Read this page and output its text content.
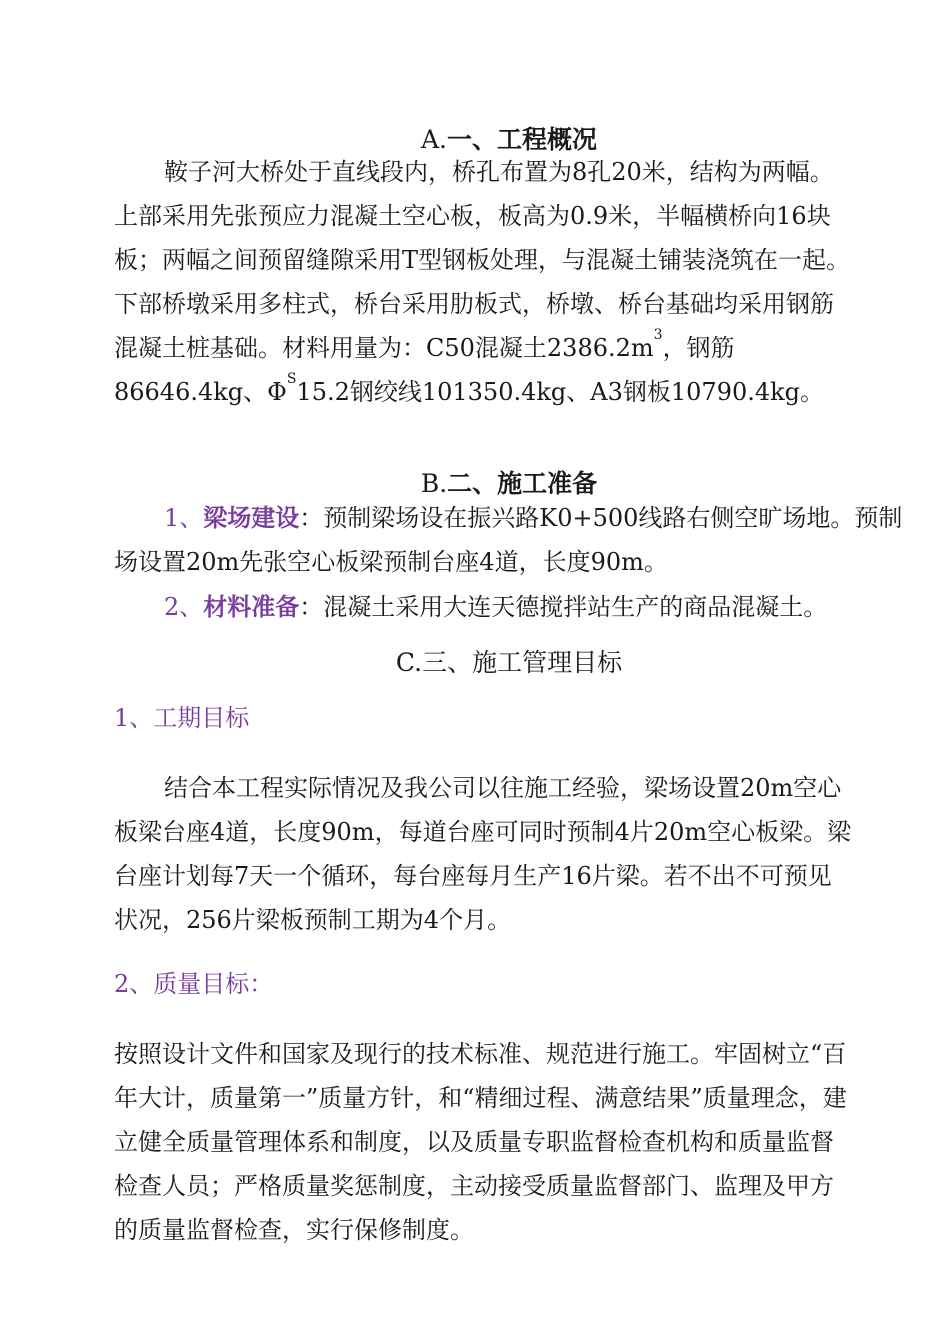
A.一、工程概况

鞍子河大桥处于直线段内，桥孔布置为8孔20米，结构为两幅。上部采用先张预应力混凝土空心板，板高为0.9米，半幅横桥向16块板；两幅之间预留缝隙采用T型钢板处理，与混凝土铺装浇筑在一起。下部桥墩采用多柱式，桥台采用肋板式，桥墩、桥台基础均采用钢筋混凝土桩基础。材料用量为：C50混凝土$2386.2m^3$，钢筋86646.4kg、$\Phi^S15.2$钢绞线101350.4kg、A3钢板10790.4kg。

B.二、施工准备

1、梁场建设：预制梁场设在振兴路K0+500线路右侧空旷场地。预制场设置20m先张空心板梁预制台座4道，长度90m。

2、材料准备：混凝土采用大连天德搅拌站生产的商品混凝土。

C.三、施工管理目标
1、工期目标

结合本工程实际情况及我公司以往施工经验，梁场设置20m空心板梁台座4道，长度90m，每道台座可同时预制4片20m空心板梁。梁台座计划每7天一个循环，每台座每月生产16片梁。若不出不可预见状况，256片梁板预制工期为4个月。

2、质量目标：

按照设计文件和国家及现行的技术标准、规范进行施工。牢固树立“百年大计，质量第一”质量方针，和“精细过程、满意结果”质量理念，建立健全质量管理体系和制度，以及质量专职监督检查机构和质量监督检查人员；严格质量奖惩制度，主动接受质量监督部门、监理及甲方的质量监督检查，实行保修制度。
